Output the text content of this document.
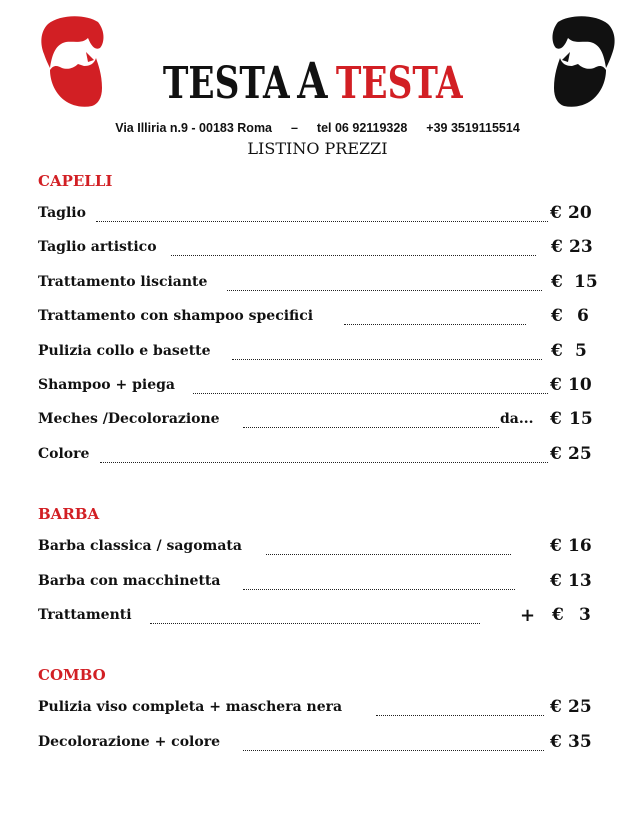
TESTA A TESTA
Via Illiria n.9 - 00183 Roma – tel 06 92119328 +39 3519115514
LISTINO PREZZI
CAPELLI
Taglio	€ 20
Taglio artistico	€ 23
Trattamento lisciante	€ 15
Trattamento con shampoo specifici	€ 6
Pulizia collo e basette	€ 5
Shampoo + piega	€ 10
Meches /Decolorazione	da... € 15
Colore	€ 25
BARBA
Barba classica / sagomata	€ 16
Barba con macchinetta	€ 13
Trattamenti	+ € 3
COMBO
Pulizia viso completa + maschera nera	€ 25
Decolorazione + colore	€ 35
